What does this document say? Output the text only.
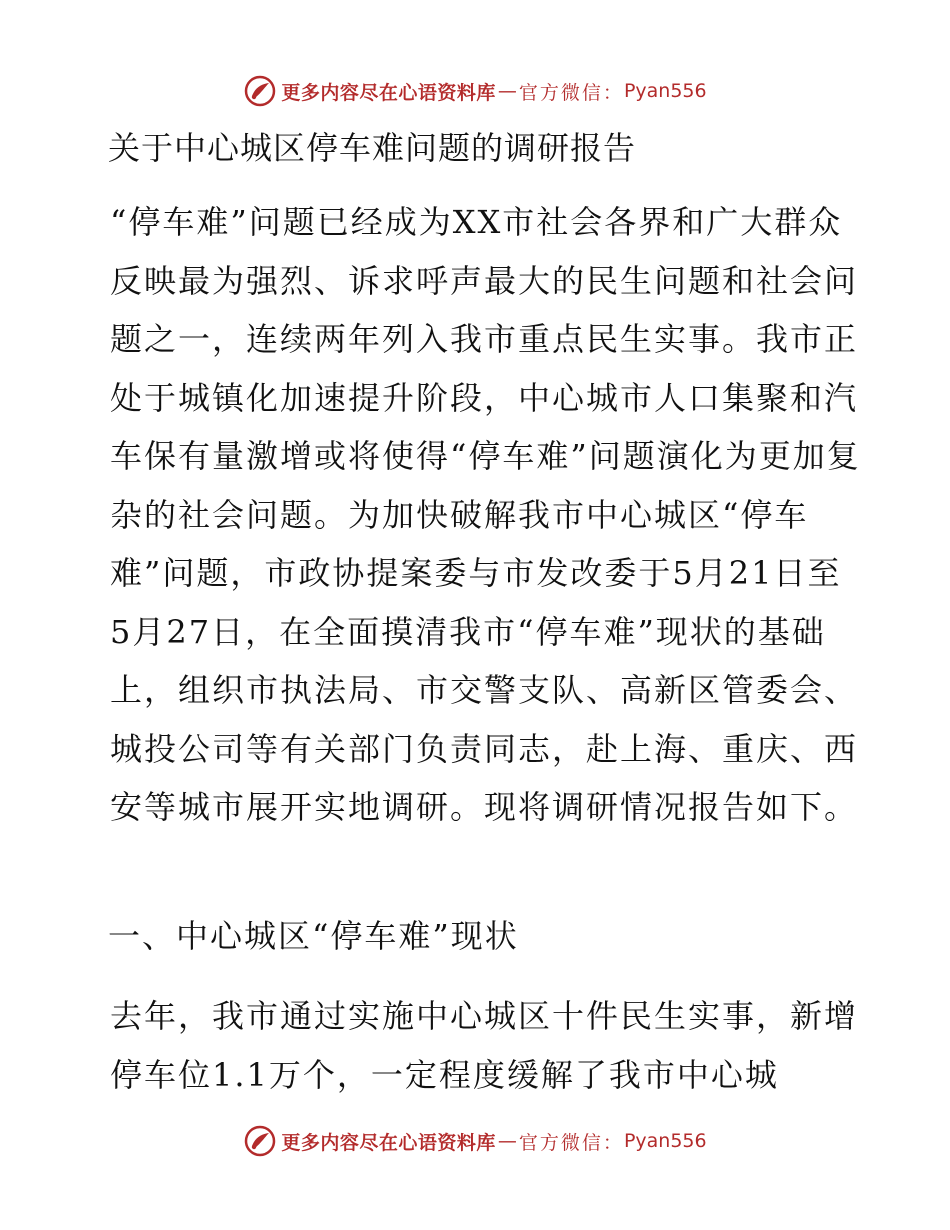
更多内容尽在心语资料库 — 官方微信： Pyan556
关于中心城区停车难问题的调研报告

“停车难”问题已经成为XX市社会各界和广大群众反映最为强烈、诉求呼声最大的民生问题和社会问题之一，连续两年列入我市重点民生实事。我市正处于城镇化加速提升阶段，中心城市人口集聚和汽车保有量激增或将使得“停车难”问题演化为更加复杂的社会问题。为加快破解我市中心城区“停车难”问题，市政协提案委与市发改委于5月21日至5月27日，在全面摸清我市“停车难”现状的基础上，组织市执法局、市交警支队、高新区管委会、城投公司等有关部门负责同志，赴上海、重庆、西安等城市展开实地调研。现将调研情况报告如下。

一、中心城区“停车难”现状

去年，我市通过实施中心城区十件民生实事，新增停车位1.1万个，一定程度缓解了我市中心城

更多内容尽在心语资料库 — 官方微信： Pyan556
